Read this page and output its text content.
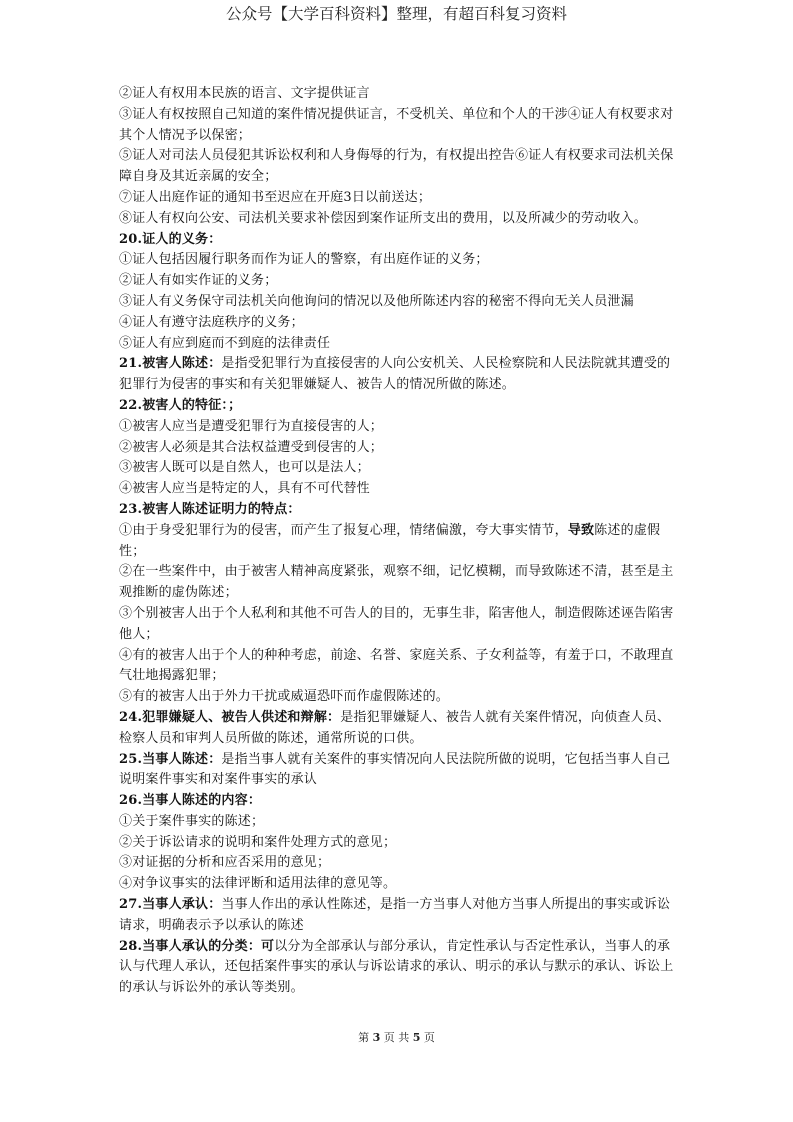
公众号【大学百科资料】整理，有超百科复习资料

②证人有权用本民族的语言、文字提供证言

③证人有权按照自己知道的案件情况提供证言，不受机关、单位和个人的干涉④证人有权要求对其个人情况予以保密；

⑤证人对司法人员侵犯其诉讼权利和人身侮辱的行为，有权提出控告⑥证人有权要求司法机关保障自身及其近亲属的安全；

⑦证人出庭作证的通知书至迟应在开庭3日以前送达；

⑧证人有权向公安、司法机关要求补偿因到案作证所支出的费用，以及所减少的劳动收入。

20.证人的义务：

①证人包括因履行职务而作为证人的警察，有出庭作证的义务；

②证人有如实作证的义务；

③证人有义务保守司法机关向他询问的情况以及他所陈述内容的秘密不得向无关人员泄漏

④证人有遵守法庭秩序的义务；

⑤证人有应到庭而不到庭的法律责任

21.被害人陈述：是指受犯罪行为直接侵害的人向公安机关、人民检察院和人民法院就其遭受的犯罪行为侵害的事实和有关犯罪嫌疑人、被告人的情况所做的陈述。

22.被害人的特征：；

①被害人应当是遭受犯罪行为直接侵害的人；

②被害人必须是其合法权益遭受到侵害的人；

③被害人既可以是自然人，也可以是法人；

④被害人应当是特定的人，具有不可代替性

23.被害人陈述证明力的特点：

①由于身受犯罪行为的侵害，而产生了报复心理，情绪偏激，夸大事实情节，导致陈述的虚假性；

②在一些案件中，由于被害人精神高度紧张，观察不细，记忆模糊，而导致陈述不清，甚至是主观推断的虚伪陈述；

③个别被害人出于个人私利和其他不可告人的目的，无事生非，陷害他人，制造假陈述诬告陷害他人；

④有的被害人出于个人的种种考虑，前途、名誉、家庭关系、子女利益等，有羞于口，不敢理直气壮地揭露犯罪；

⑤有的被害人出于外力干扰或威逼恐吓而作虚假陈述的。

24.犯罪嫌疑人、被告人供述和辩解：是指犯罪嫌疑人、被告人就有关案件情况，向侦查人员、检察人员和审判人员所做的陈述，通常所说的口供。

25.当事人陈述：是指当事人就有关案件的事实情况向人民法院所做的说明，它包括当事人自己说明案件事实和对案件事实的承认

26.当事人陈述的内容：

①关于案件事实的陈述；

②关于诉讼请求的说明和案件处理方式的意见；

③对证据的分析和应否采用的意见；

④对争议事实的法律评断和适用法律的意见等。

27.当事人承认：当事人作出的承认性陈述，是指一方当事人对他方当事人所提出的事实或诉讼请求，明确表示予以承认的陈述

28.当事人承认的分类：可以分为全部承认与部分承认，肯定性承认与否定性承认，当事人的承认与代理人承认，还包括案件事实的承认与诉讼请求的承认、明示的承认与默示的承认、诉讼上的承认与诉讼外的承认等类别。

第 3 页 共 5 页
